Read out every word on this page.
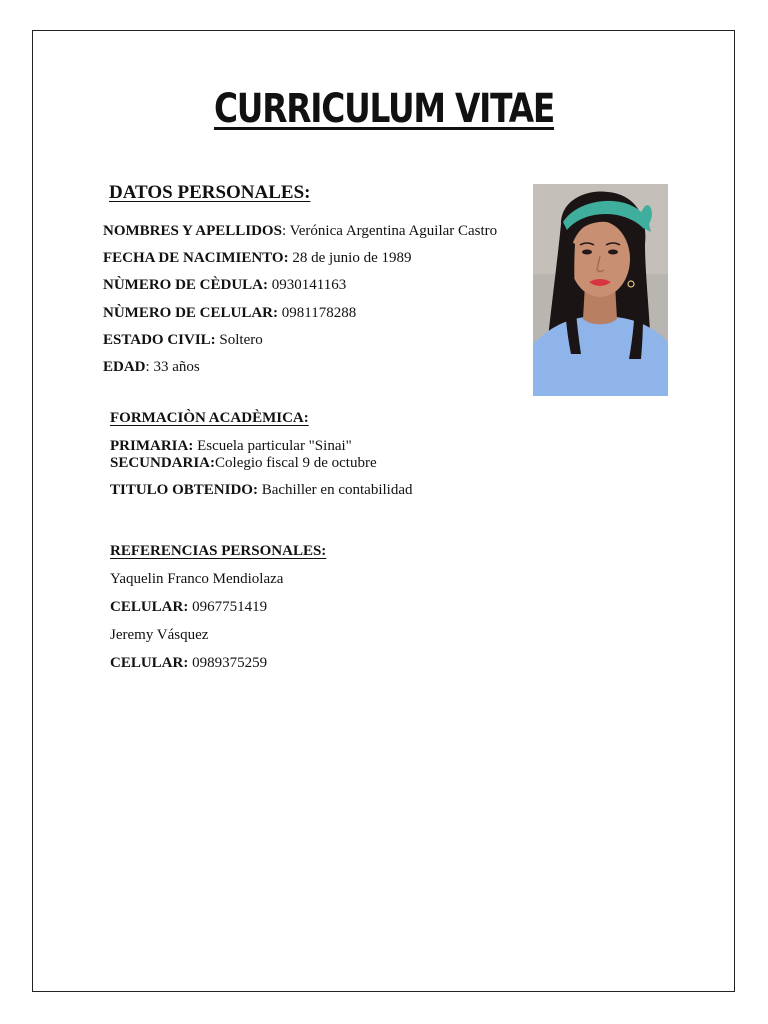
CURRICULUM VITAE
DATOS PERSONALES:
NOMBRES Y APELLIDOS: Verónica Argentina Aguilar Castro
FECHA DE NACIMIENTO: 28 de junio de 1989
NÙMERO DE CÈDULA: 0930141163
NÙMERO DE CELULAR: 0981178288
ESTADO CIVIL: Soltero
EDAD: 33 años
FORMACIÒN ACADÈMICA:
PRIMARIA: Escuela particular "Sinai"
SECUNDARIA:Colegio fiscal 9 de octubre
TITULO OBTENIDO: Bachiller en contabilidad
REFERENCIAS PERSONALES:
Yaquelin Franco Mendiolaza
CELULAR: 0967751419
Jeremy Vásquez
CELULAR: 0989375259
